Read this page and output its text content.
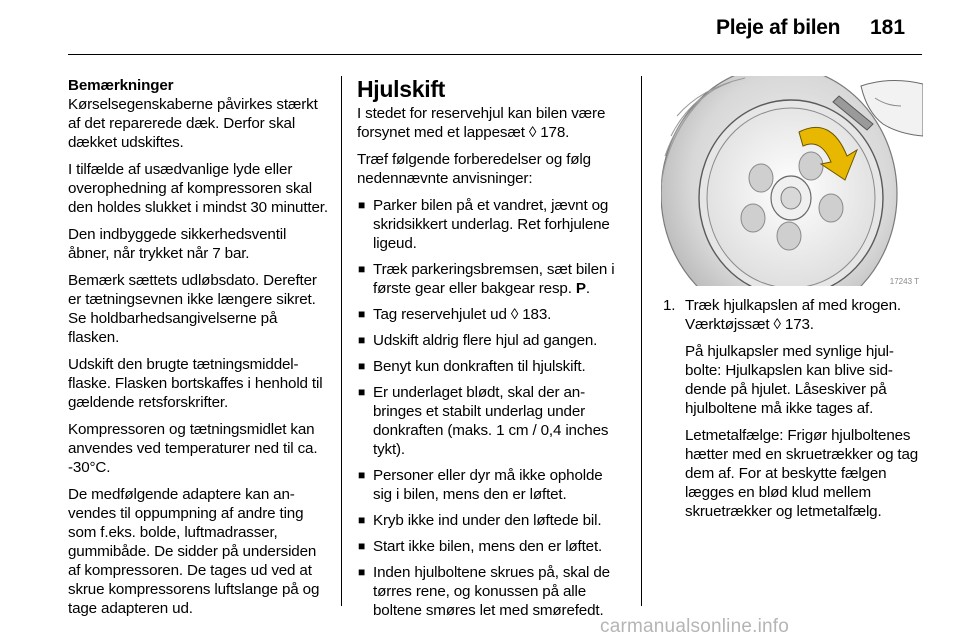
Pleje af bilen 181
Bemærkninger

Kørselsegenskaberne påvirkes stærkt af det reparerede dæk. Derfor skal dækket udskiftes.

I tilfælde af usædvanlige lyde eller overophedning af kompressoren skal den holdes slukket i mindst 30 minutter.

Den indbyggede sikkerhedsventil åbner, når trykket når 7 bar.

Bemærk sættets udløbsdato. Derefter er tætningsevnen ikke længere sikret. Se holdbarhedsangivelserne på flasken.

Udskift den brugte tætningsmiddelflaske. Flasken bortskaffes i henhold til gældende retsforskrifter.

Kompressoren og tætningsmidlet kan anvendes ved temperaturer ned til ca. -30°C.

De medfølgende adaptere kan anvendes til oppumpning af andre ting som f.eks. bolde, luftmadrasser, gummibåde. De sidder på undersiden af kompressoren. De tages ud ved at skrue kompressorens luftslange på og tage adapteren ud.

Hjulskift

I stedet for reservehjul kan bilen være forsynet med et lappesæt ◊ 178.

Træf følgende forberedelser og følg nedennævnte anvisninger:

■ Parker bilen på et vandret, jævnt og skridsikkert underlag. Ret forhjulene ligeud.
■ Træk parkeringsbremsen, sæt bilen i første gear eller bakgear resp. P.
■ Tag reservehjulet ud ◊ 183.
■ Udskift aldrig flere hjul ad gangen.
■ Benyt kun donkraften til hjulskift.
■ Er underlaget blødt, skal der anbringes et stabilt underlag under donkraften (maks. 1 cm / 0,4 inches tykt).
■ Personer eller dyr må ikke opholde sig i bilen, mens den er løftet.
■ Kryb ikke ind under den løftede bil.
■ Start ikke bilen, mens den er løftet.
■ Inden hjulboltene skrues på, skal de tørres rene, og konussen på alle boltene smøres let med smørefedt.
17243 T
1. Træk hjulkapslen af med krogen. Værktøjssæt ◊ 173.

På hjulkapsler med synlige hjulbolte: Hjulkapslen kan blive siddende på hjulet. Låseskiver på hjulboltene må ikke tages af.

Letmetalfælge: Frigør hjulboltenes hætter med en skruetrækker og tag dem af. For at beskytte fælgen lægges en blød klud mellem skruetrækker og letmetalfælg.

carmanualsonline.info
